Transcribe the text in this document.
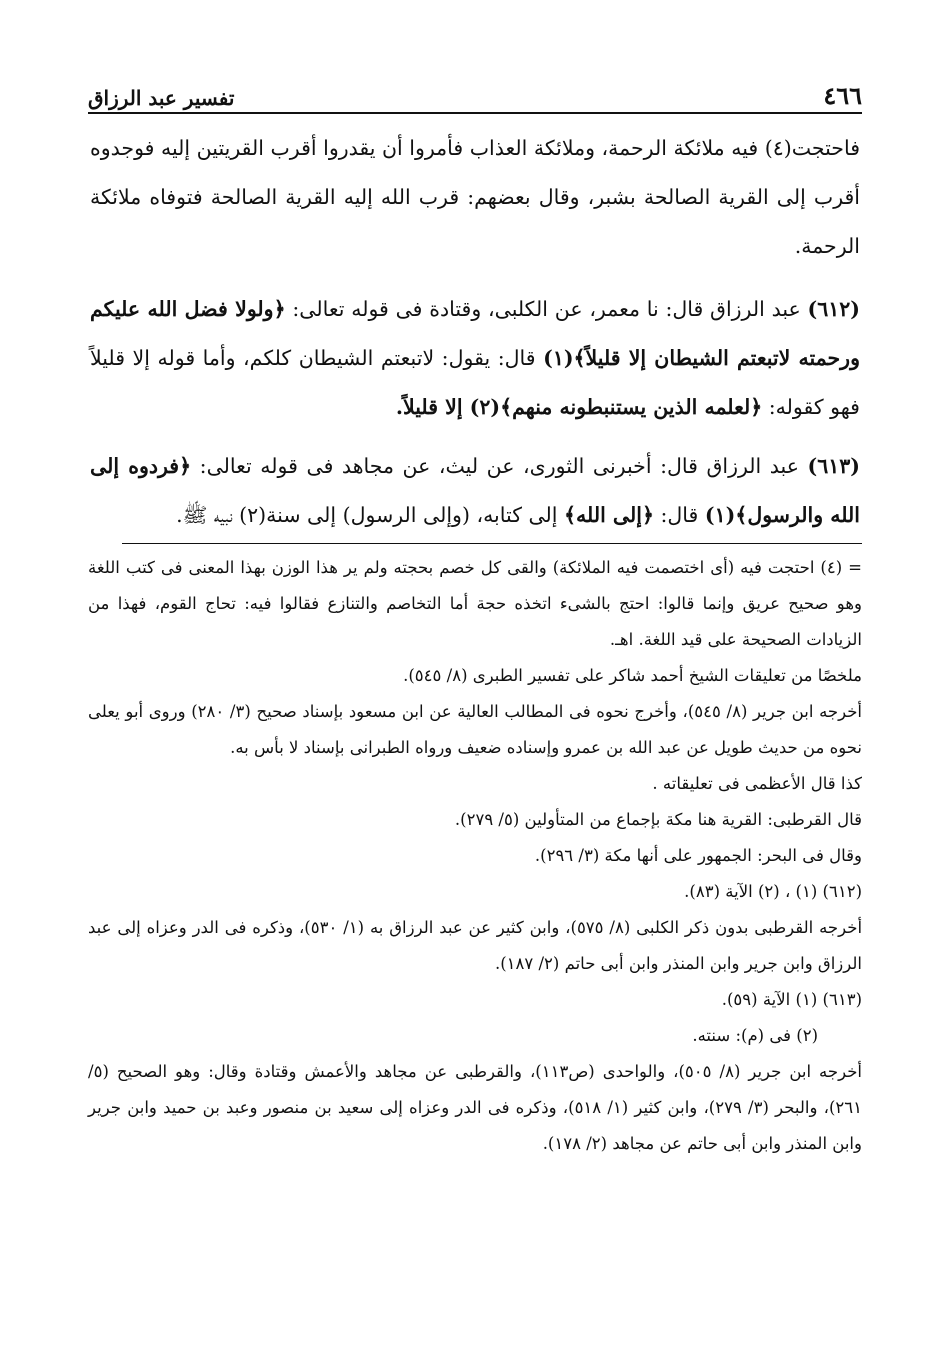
٤٦٦
تفسير عبد الرزاق

فاحتجت(٤) فيه ملائكة الرحمة، وملائكة العذاب فأمروا أن يقدروا أقرب القريتين إليه فوجدوه أقرب إلى القرية الصالحة بشبر، وقال بعضهم: قرب الله إليه القرية الصالحة فتوفاه ملائكة الرحمة.

(٦١٢) عبد الرزاق قال: نا معمر، عن الكلبى، وقتادة فى قوله تعالى: ﴿ولولا فضل الله عليكم ورحمته لاتبعتم الشيطان إلا قليلاً﴾(١) قال: يقول: لاتبعتم الشيطان كلكم، وأما قوله إلا قليلاً فهو كقوله: ﴿لعلمه الذين يستنبطونه منهم﴾(٢) إلا قليلاً.

(٦١٣) عبد الرزاق قال: أخبرنى الثورى، عن ليث، عن مجاهد فى قوله تعالى: ﴿فردوه إلى الله والرسول﴾(١) قال: ﴿إلى الله﴾ إلى كتابه، (وإلى الرسول) إلى سنة(٢) نبيه ﷺ.

= (٤) احتجت فيه (أى اختصمت فيه الملائكة) والقى كل خصم بحجته ولم ير هذا الوزن بهذا المعنى فى كتب اللغة وهو صحيح عريق وإنما قالوا: احتج بالشىء اتخذه حجة أما التخاصم والتنازع فقالوا فيه: تحاج القوم، فهذا من الزيادات الصحيحة على قيد اللغة. اهـ.

ملخصًا من تعليقات الشيخ أحمد شاكر على تفسير الطبرى (٨/ ٥٤٥).

أخرجه ابن جرير (٨/ ٥٤٥)، وأخرج نحوه فى المطالب العالية عن ابن مسعود بإسناد صحيح (٣/ ٢٨٠) وروى أبو يعلى نحوه من حديث طويل عن عبد الله بن عمرو وإسناده ضعيف ورواه الطبرانى بإسناد لا بأس به.

كذا قال الأعظمى فى تعليقاته .

قال القرطبى: القرية هنا مكة بإجماع من المتأولين (٥/ ٢٧٩).

وقال فى البحر: الجمهور على أنها مكة (٣/ ٢٩٦).

(٦١٢) (١) ، (٢) الآية (٨٣).

أخرجه القرطبى بدون ذكر الكلبى (٨/ ٥٧٥)، وابن كثير عن عبد الرزاق به (١/ ٥٣٠)، وذكره فى الدر وعزاه إلى عبد الرزاق وابن جرير وابن المنذر وابن أبى حاتم (٢/ ١٨٧).

(٦١٣) (١) الآية (٥٩).

(٢) فى (م): سنته.

أخرجه ابن جرير (٨/ ٥٠٥)، والواحدى (ص١١٣)، والقرطبى عن مجاهد والأعمش وقتادة وقال: وهو الصحيح (٥/ ٢٦١)، والبحر (٣/ ٢٧٩)، وابن كثير (١/ ٥١٨)، وذكره فى الدر وعزاه إلى سعيد بن منصور وعبد بن حميد وابن جرير وابن المنذر وابن أبى حاتم عن مجاهد (٢/ ١٧٨).
